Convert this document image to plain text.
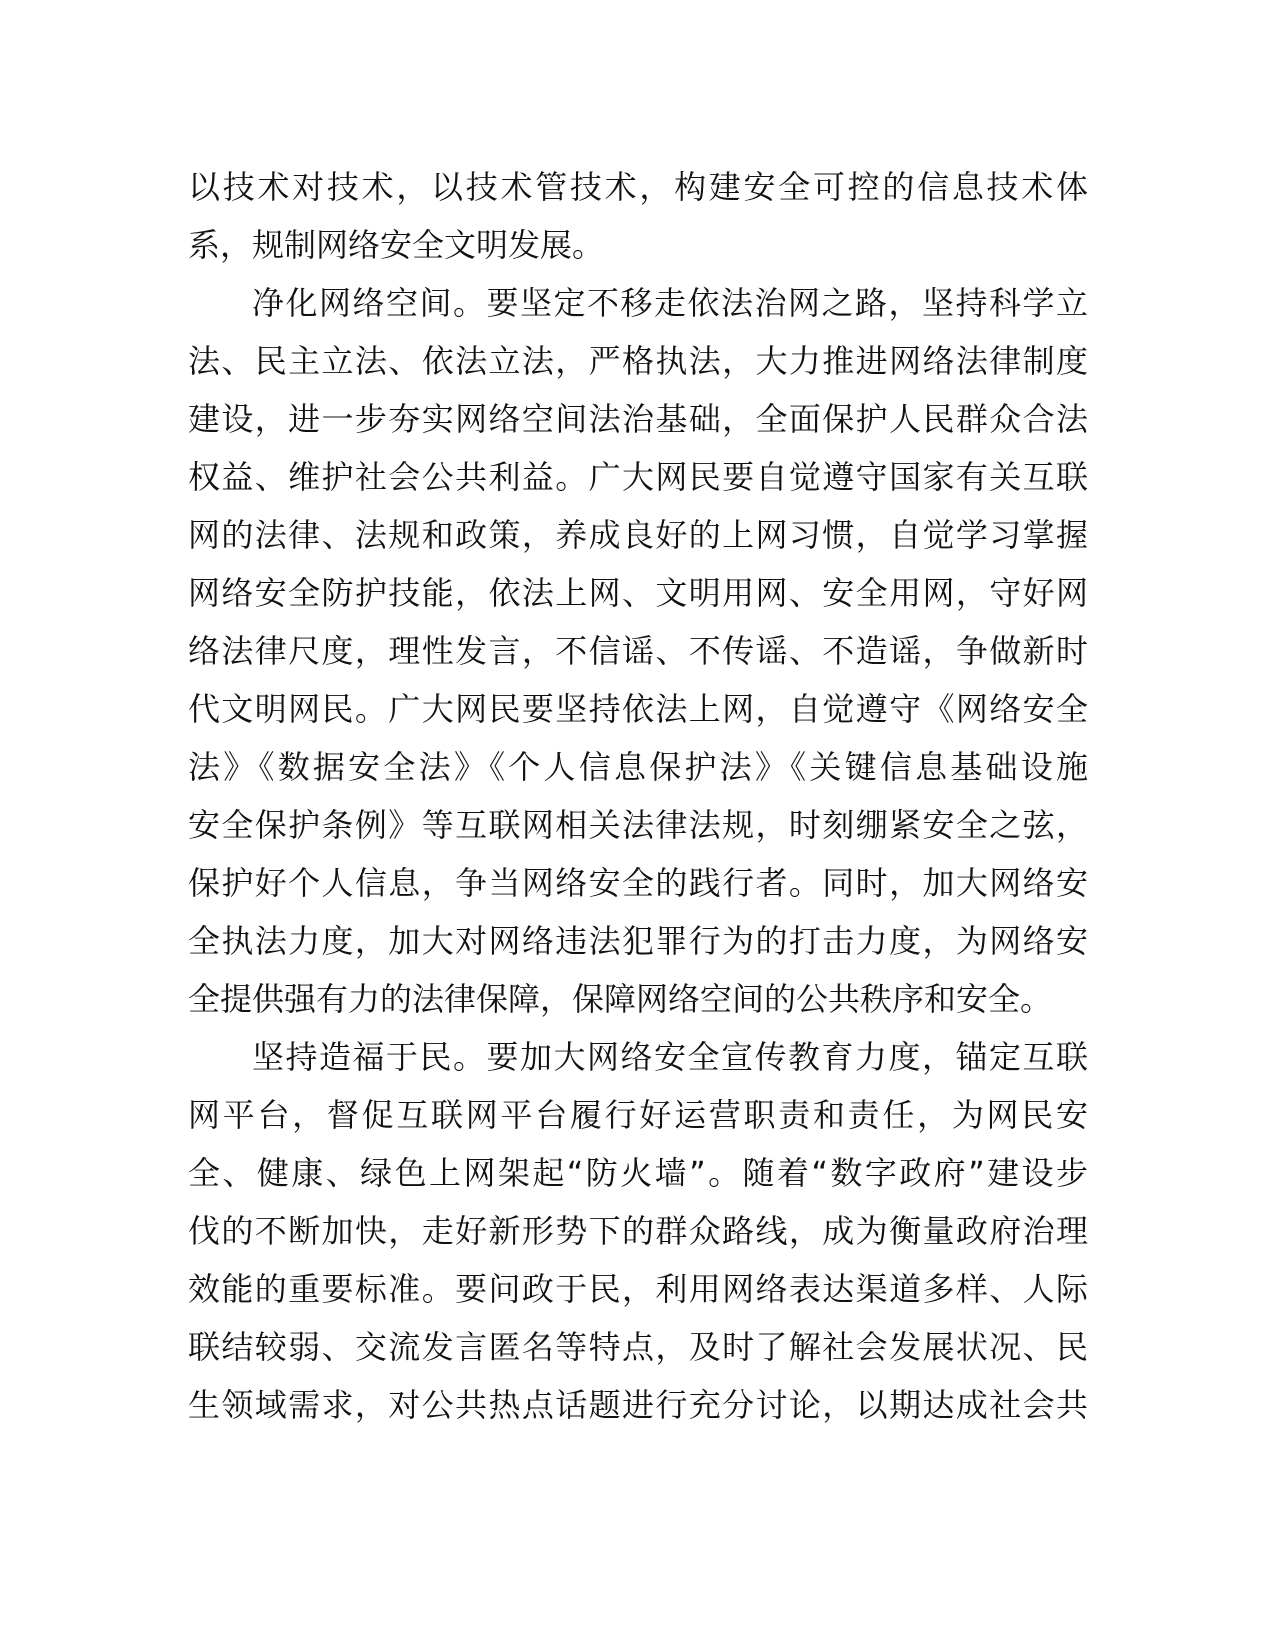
以技术对技术，以技术管技术，构建安全可控的信息技术体
系，规制网络安全文明发展。
净化网络空间。要坚定不移走依法治网之路，坚持科学立
法、民主立法、依法立法，严格执法，大力推进网络法律制度
建设，进一步夯实网络空间法治基础，全面保护人民群众合法
权益、维护社会公共利益。广大网民要自觉遵守国家有关互联
网的法律、法规和政策，养成良好的上网习惯，自觉学习掌握
网络安全防护技能，依法上网、文明用网、安全用网，守好网
络法律尺度，理性发言，不信谣、不传谣、不造谣，争做新时
代文明网民。广大网民要坚持依法上网，自觉遵守《网络安全
法》《数据安全法》《个人信息保护法》《关键信息基础设施
安全保护条例》等互联网相关法律法规，时刻绷紧安全之弦，
保护好个人信息，争当网络安全的践行者。同时，加大网络安
全执法力度，加大对网络违法犯罪行为的打击力度，为网络安
全提供强有力的法律保障，保障网络空间的公共秩序和安全。
坚持造福于民。要加大网络安全宣传教育力度，锚定互联
网平台，督促互联网平台履行好运营职责和责任，为网民安
全、健康、绿色上网架起“防火墙”。随着“数字政府”建设步
伐的不断加快，走好新形势下的群众路线，成为衡量政府治理
效能的重要标准。要问政于民，利用网络表达渠道多样、人际
联结较弱、交流发言匿名等特点，及时了解社会发展状况、民
生领域需求，对公共热点话题进行充分讨论，以期达成社会共
